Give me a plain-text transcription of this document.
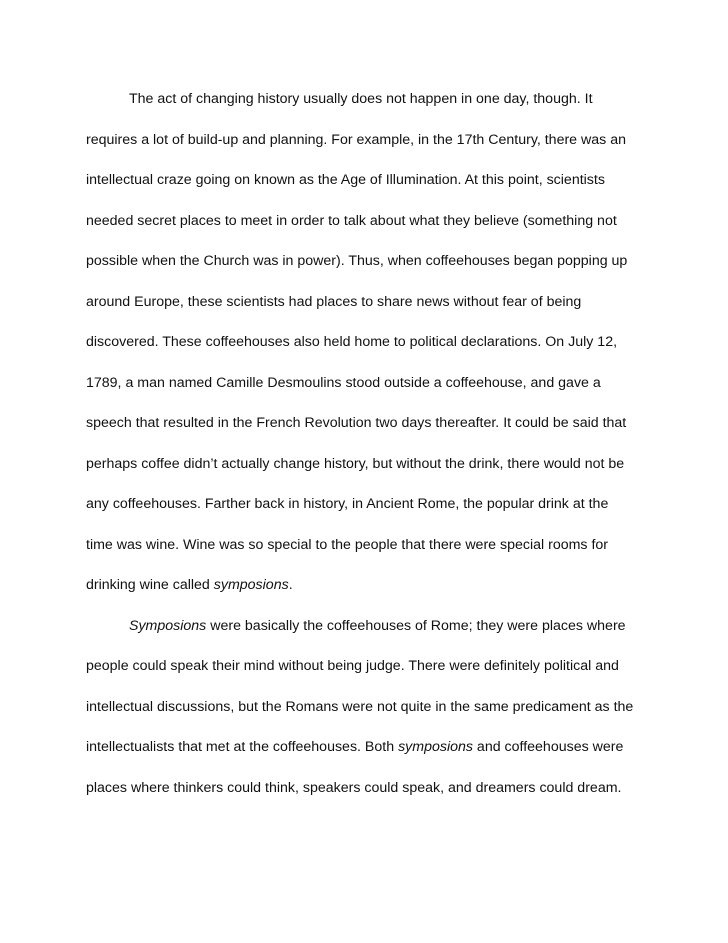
The act of changing history usually does not happen in one day, though. It

requires a lot of build-up and planning. For example, in the 17th Century, there was an

intellectual craze going on known as the Age of Illumination. At this point, scientists

needed secret places to meet in order to talk about what they believe (something not

possible when the Church was in power). Thus, when coffeehouses began popping up

around Europe, these scientists had places to share news without fear of being

discovered. These coffeehouses also held home to political declarations. On July 12,

1789, a man named Camille Desmoulins stood outside a coffeehouse, and gave a

speech that resulted in the French Revolution two days thereafter. It could be said that

perhaps coffee didn’t actually change history, but without the drink, there would not be

any coffeehouses. Farther back in history, in Ancient Rome, the popular drink at the

time was wine. Wine was so special to the people that there were special rooms for

drinking wine called symposions.

Symposions were basically the coffeehouses of Rome; they were places where

people could speak their mind without being judge. There were definitely political and

intellectual discussions, but the Romans were not quite in the same predicament as the

intellectualists that met at the coffeehouses. Both symposions and coffeehouses were

places where thinkers could think, speakers could speak, and dreamers could dream.
